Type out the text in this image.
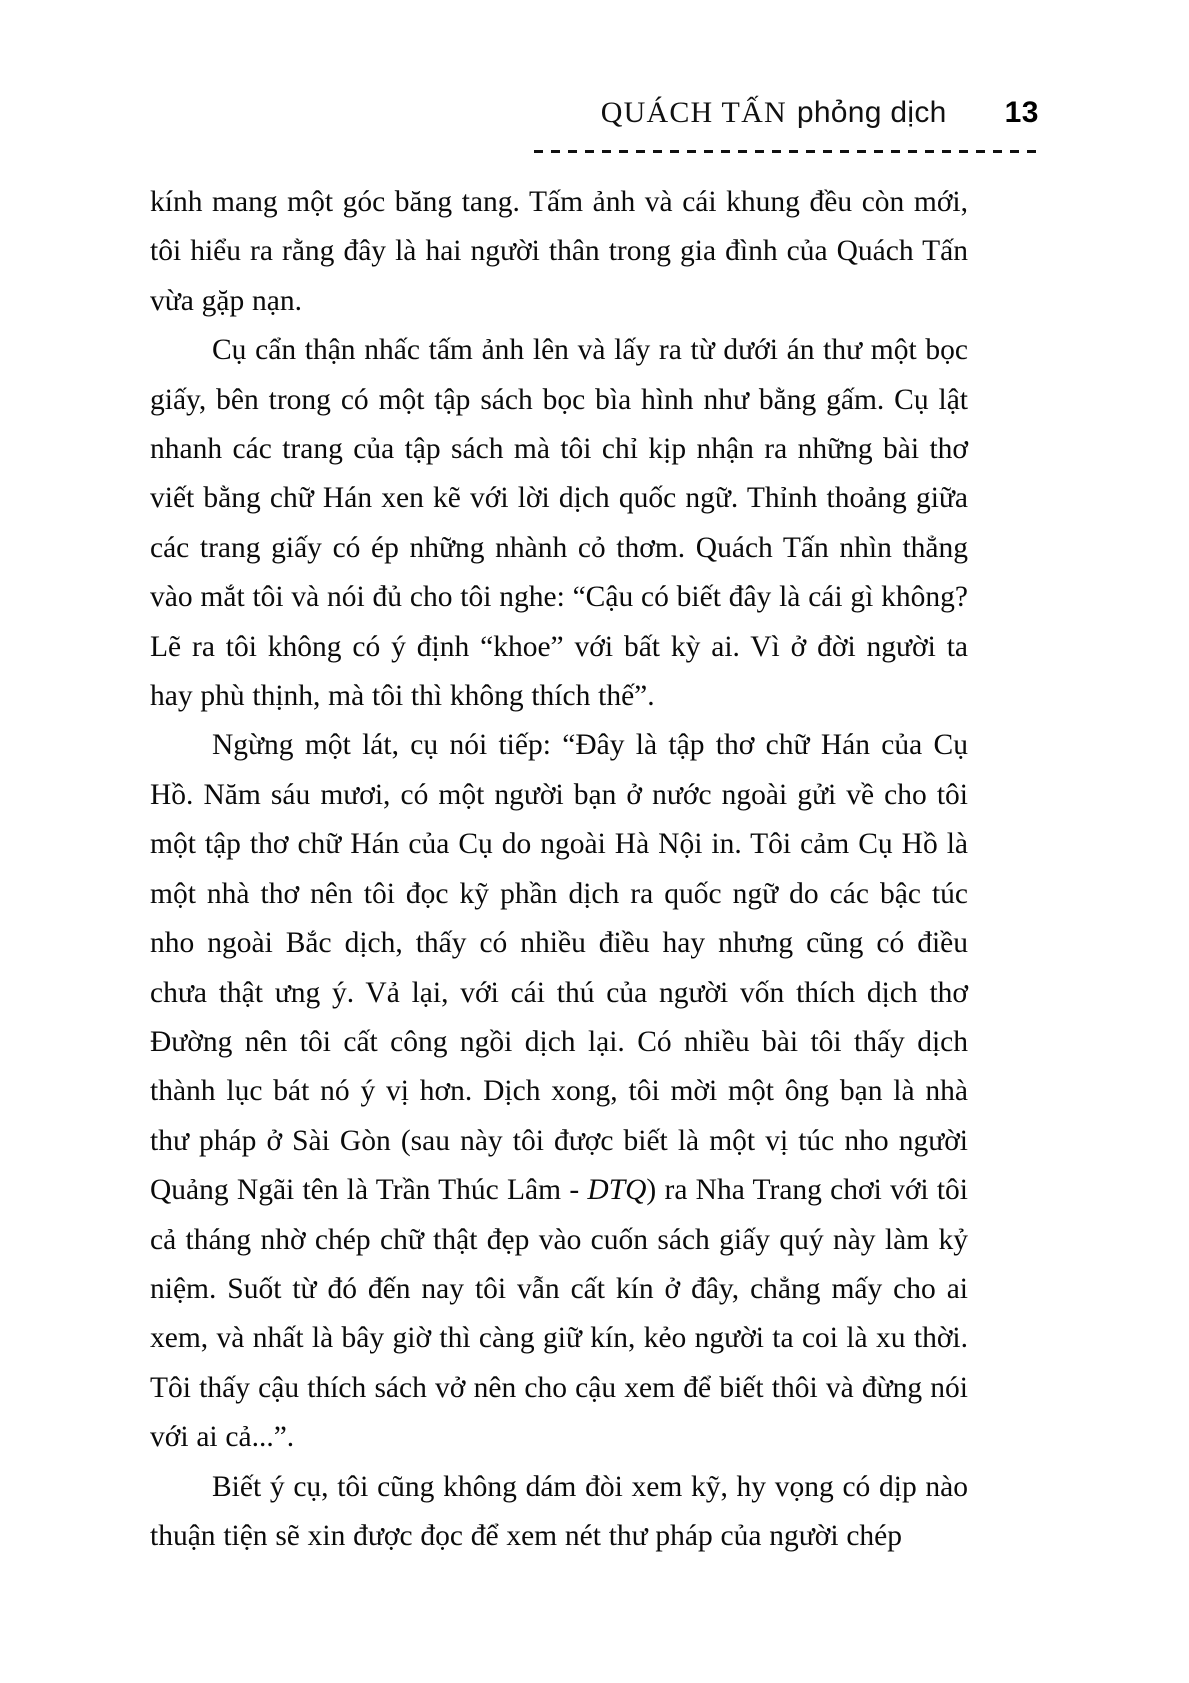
QUÁCH TẤN phỏng dịch 13

kính mang một góc băng tang. Tấm ảnh và cái khung đều còn mới, tôi hiểu ra rằng đây là hai người thân trong gia đình của Quách Tấn vừa gặp nạn.

Cụ cẩn thận nhấc tấm ảnh lên và lấy ra từ dưới án thư một bọc giấy, bên trong có một tập sách bọc bìa hình như bằng gấm. Cụ lật nhanh các trang của tập sách mà tôi chỉ kịp nhận ra những bài thơ viết bằng chữ Hán xen kẽ với lời dịch quốc ngữ. Thỉnh thoảng giữa các trang giấy có ép những nhành cỏ thơm. Quách Tấn nhìn thẳng vào mắt tôi và nói đủ cho tôi nghe: “Cậu có biết đây là cái gì không? Lẽ ra tôi không có ý định “khoe” với bất kỳ ai. Vì ở đời người ta hay phù thịnh, mà tôi thì không thích thế”.

Ngừng một lát, cụ nói tiếp: “Đây là tập thơ chữ Hán của Cụ Hồ. Năm sáu mươi, có một người bạn ở nước ngoài gửi về cho tôi một tập thơ chữ Hán của Cụ do ngoài Hà Nội in. Tôi cảm Cụ Hồ là một nhà thơ nên tôi đọc kỹ phần dịch ra quốc ngữ do các bậc túc nho ngoài Bắc dịch, thấy có nhiều điều hay nhưng cũng có điều chưa thật ưng ý. Vả lại, với cái thú của người vốn thích dịch thơ Đường nên tôi cất công ngồi dịch lại. Có nhiều bài tôi thấy dịch thành lục bát nó ý vị hơn. Dịch xong, tôi mời một ông bạn là nhà thư pháp ở Sài Gòn (sau này tôi được biết là một vị túc nho người Quảng Ngãi tên là Trần Thúc Lâm - DTQ) ra Nha Trang chơi với tôi cả tháng nhờ chép chữ thật đẹp vào cuốn sách giấy quý này làm kỷ niệm. Suốt từ đó đến nay tôi vẫn cất kín ở đây, chẳng mấy cho ai xem, và nhất là bây giờ thì càng giữ kín, kẻo người ta coi là xu thời. Tôi thấy cậu thích sách vở nên cho cậu xem để biết thôi và đừng nói với ai cả...”.

Biết ý cụ, tôi cũng không dám đòi xem kỹ, hy vọng có dịp nào thuận tiện sẽ xin được đọc để xem nét thư pháp của người chép
